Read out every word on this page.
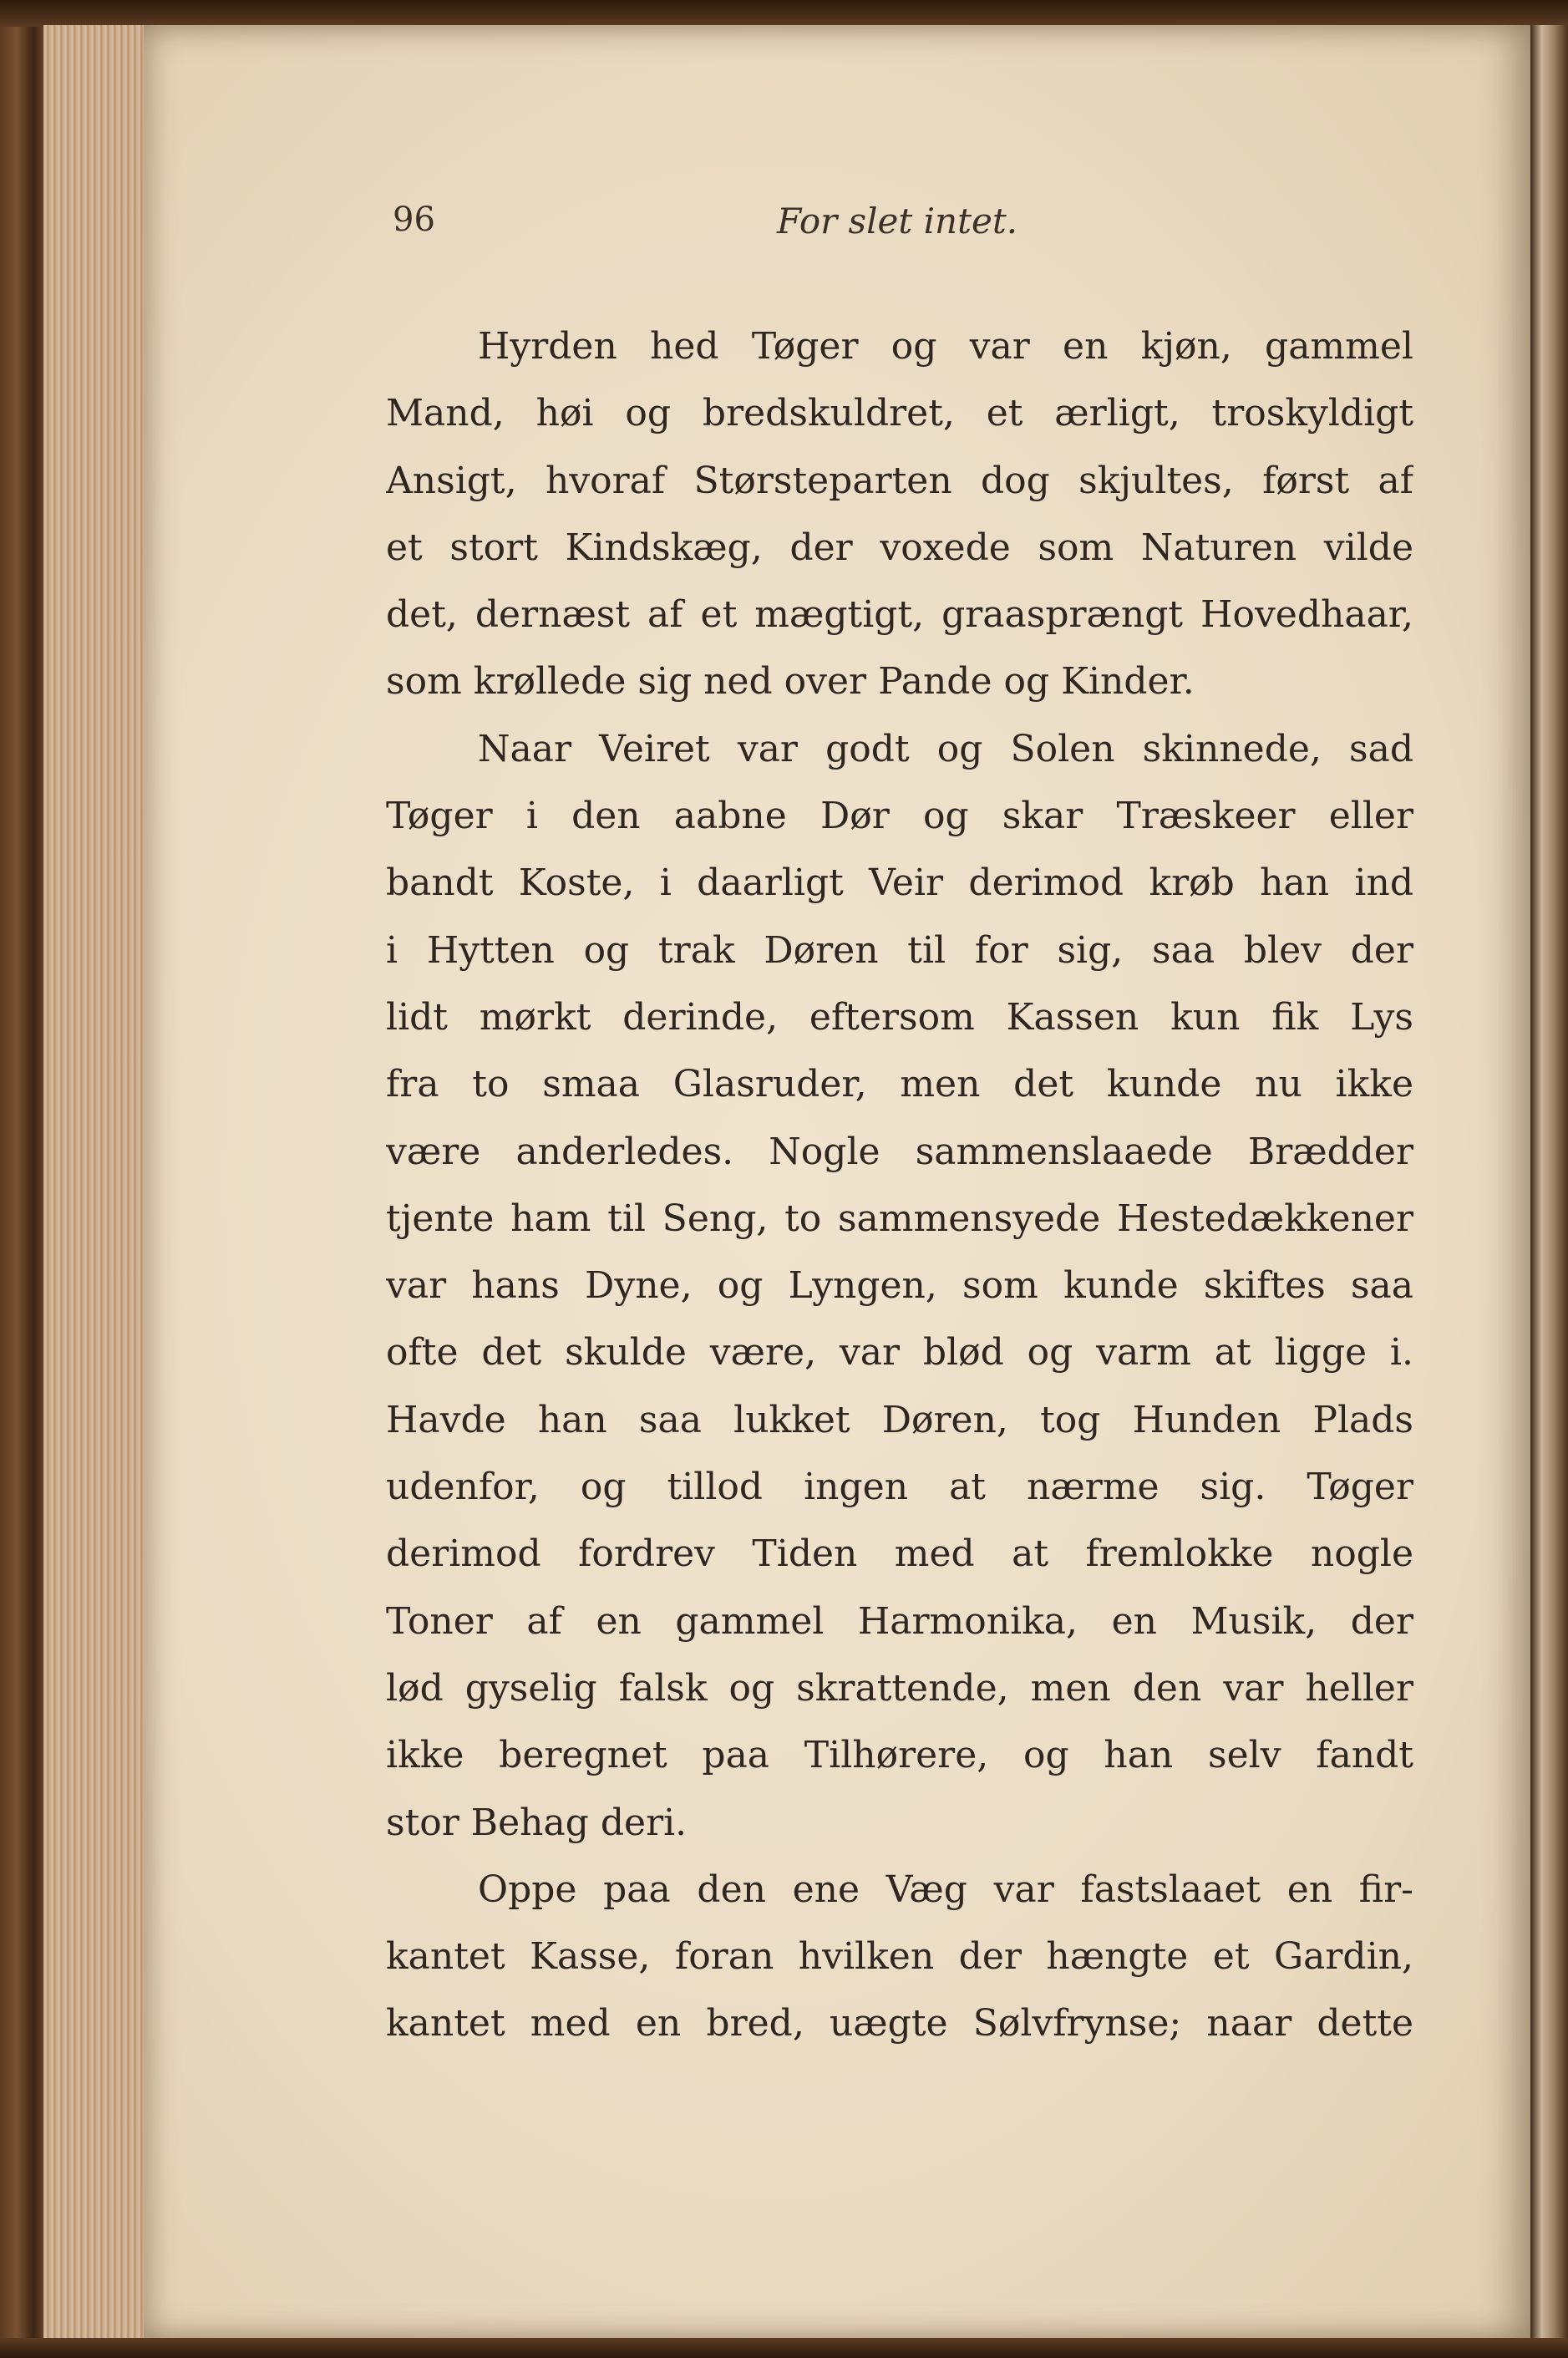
96	For slet intet.
Hyrden hed Tøger og var en kjøn, gammel
Mand, høi og bredskuldret, et ærligt, troskyldigt
Ansigt, hvoraf Størsteparten dog skjultes, først af
et stort Kindskæg, der voxede som Naturen vilde
det, dernæst af et mægtigt, graasprængt Hovedhaar,
som krøllede sig ned over Pande og Kinder.
Naar Veiret var godt og Solen skinnede, sad
Tøger i den aabne Dør og skar Træskeer eller
bandt Koste, i daarligt Veir derimod krøb han ind
i Hytten og trak Døren til for sig, saa blev der
lidt mørkt derinde, eftersom Kassen kun fik Lys
fra to smaa Glasruder, men det kunde nu ikke
være anderledes. Nogle sammenslaaede Brædder
tjente ham til Seng, to sammensyede Hestedækkener
var hans Dyne, og Lyngen, som kunde skiftes saa
ofte det skulde være, var blød og varm at ligge i.
Havde han saa lukket Døren, tog Hunden Plads
udenfor, og tillod ingen at nærme sig. Tøger
derimod fordrev Tiden med at fremlokke nogle
Toner af en gammel Harmonika, en Musik, der
lød gyselig falsk og skrattende, men den var heller
ikke beregnet paa Tilhørere, og han selv fandt
stor Behag deri.
Oppe paa den ene Væg var fastslaaet en fir-
kantet Kasse, foran hvilken der hængte et Gardin,
kantet med en bred, uægte Sølvfrynse; naar dette
